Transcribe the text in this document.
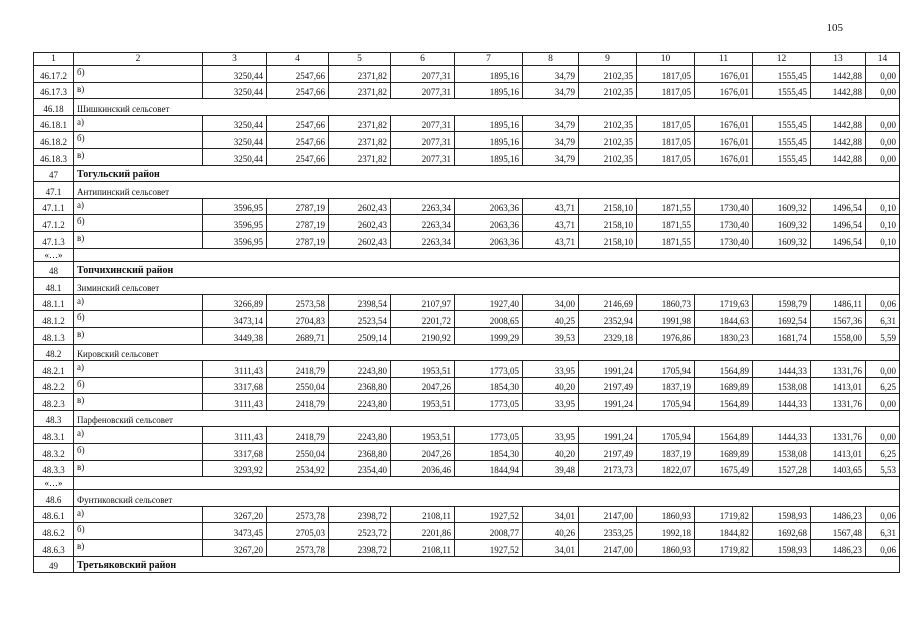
105
1	2	3	4	5	6	7	8	9	10	11	12	13	14
46.17.2	б)	3250,44	2547,66	2371,82	2077,31	1895,16	34,79	2102,35	1817,05	1676,01	1555,45	1442,88	0,00
46.17.3	в)	3250,44	2547,66	2371,82	2077,31	1895,16	34,79	2102,35	1817,05	1676,01	1555,45	1442,88	0,00
46.18	Шишкинский сельсовет												
46.18.1	а)	3250,44	2547,66	2371,82	2077,31	1895,16	34,79	2102,35	1817,05	1676,01	1555,45	1442,88	0,00
46.18.2	б)	3250,44	2547,66	2371,82	2077,31	1895,16	34,79	2102,35	1817,05	1676,01	1555,45	1442,88	0,00
46.18.3	в)	3250,44	2547,66	2371,82	2077,31	1895,16	34,79	2102,35	1817,05	1676,01	1555,45	1442,88	0,00
47	Тогульский район												
47.1	Антипинский сельсовет												
47.1.1	а)	3596,95	2787,19	2602,43	2263,34	2063,36	43,71	2158,10	1871,55	1730,40	1609,32	1496,54	0,10
47.1.2	б)	3596,95	2787,19	2602,43	2263,34	2063,36	43,71	2158,10	1871,55	1730,40	1609,32	1496,54	0,10
47.1.3	в)	3596,95	2787,19	2602,43	2263,34	2063,36	43,71	2158,10	1871,55	1730,40	1609,32	1496,54	0,10
«…»													
48	Топчихинский район												
48.1	Зиминский сельсовет												
48.1.1	а)	3266,89	2573,58	2398,54	2107,97	1927,40	34,00	2146,69	1860,73	1719,63	1598,79	1486,11	0,06
48.1.2	б)	3473,14	2704,83	2523,54	2201,72	2008,65	40,25	2352,94	1991,98	1844,63	1692,54	1567,36	6,31
48.1.3	в)	3449,38	2689,71	2509,14	2190,92	1999,29	39,53	2329,18	1976,86	1830,23	1681,74	1558,00	5,59
48.2	Кировский сельсовет												
48.2.1	а)	3111,43	2418,79	2243,80	1953,51	1773,05	33,95	1991,24	1705,94	1564,89	1444,33	1331,76	0,00
48.2.2	б)	3317,68	2550,04	2368,80	2047,26	1854,30	40,20	2197,49	1837,19	1689,89	1538,08	1413,01	6,25
48.2.3	в)	3111,43	2418,79	2243,80	1953,51	1773,05	33,95	1991,24	1705,94	1564,89	1444,33	1331,76	0,00
48.3	Парфеновский сельсовет												
48.3.1	а)	3111,43	2418,79	2243,80	1953,51	1773,05	33,95	1991,24	1705,94	1564,89	1444,33	1331,76	0,00
48.3.2	б)	3317,68	2550,04	2368,80	2047,26	1854,30	40,20	2197,49	1837,19	1689,89	1538,08	1413,01	6,25
48.3.3	в)	3293,92	2534,92	2354,40	2036,46	1844,94	39,48	2173,73	1822,07	1675,49	1527,28	1403,65	5,53
«…»													
48.6	Фунтиковский сельсовет												
48.6.1	а)	3267,20	2573,78	2398,72	2108,11	1927,52	34,01	2147,00	1860,93	1719,82	1598,93	1486,23	0,06
48.6.2	б)	3473,45	2705,03	2523,72	2201,86	2008,77	40,26	2353,25	1992,18	1844,82	1692,68	1567,48	6,31
48.6.3	в)	3267,20	2573,78	2398,72	2108,11	1927,52	34,01	2147,00	1860,93	1719,82	1598,93	1486,23	0,06
49	Третьяковский район												
